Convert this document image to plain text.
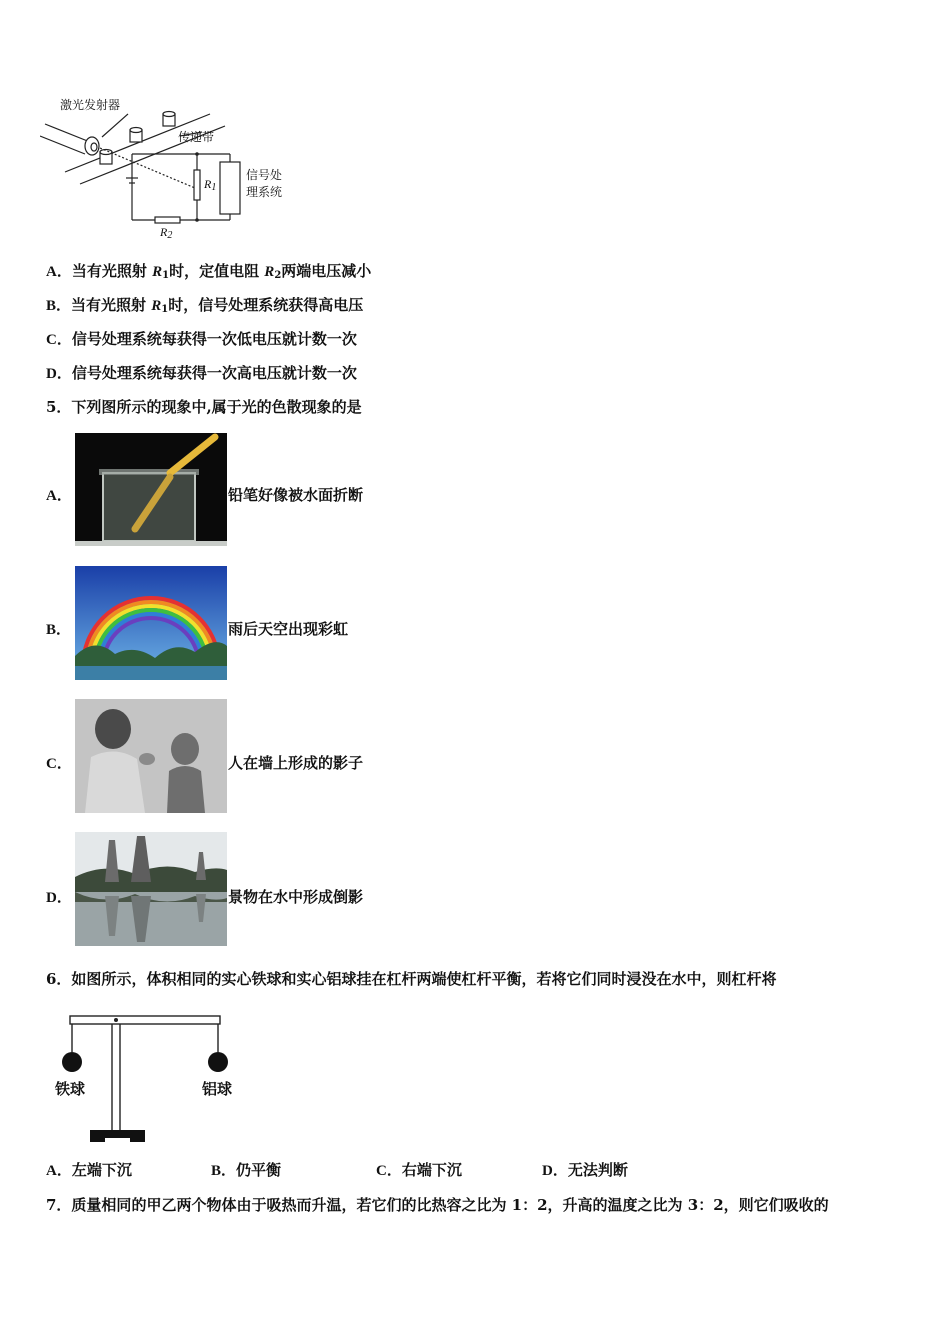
激光发射器
传递带
信号处
理系统
$R_1$
$R_2$
A．当有光照射 $R_1$时，定值电阻 $R_2$两端电压减小
B．当有光照射 $R_1$时，信号处理系统获得高电压
C．信号处理系统每获得一次低电压就计数一次
D．信号处理系统每获得一次高电压就计数一次
5．下列图所示的现象中,属于光的色散现象的是
A．	铅笔好像被水面折断
B．	雨后天空出现彩虹
C．	人在墙上形成的影子
D．	景物在水中形成倒影
6．如图所示，体积相同的实心铁球和实心铝球挂在杠杆两端使杠杆平衡，若将它们同时浸没在水中，则杠杆将
铁球	铝球
A．左端下沉	B．仍平衡	C．右端下沉	D．无法判断
7．质量相同的甲乙两个物体由于吸热而升温，若它们的比热容之比为 1：2，升高的温度之比为 3：2，则它们吸收的
